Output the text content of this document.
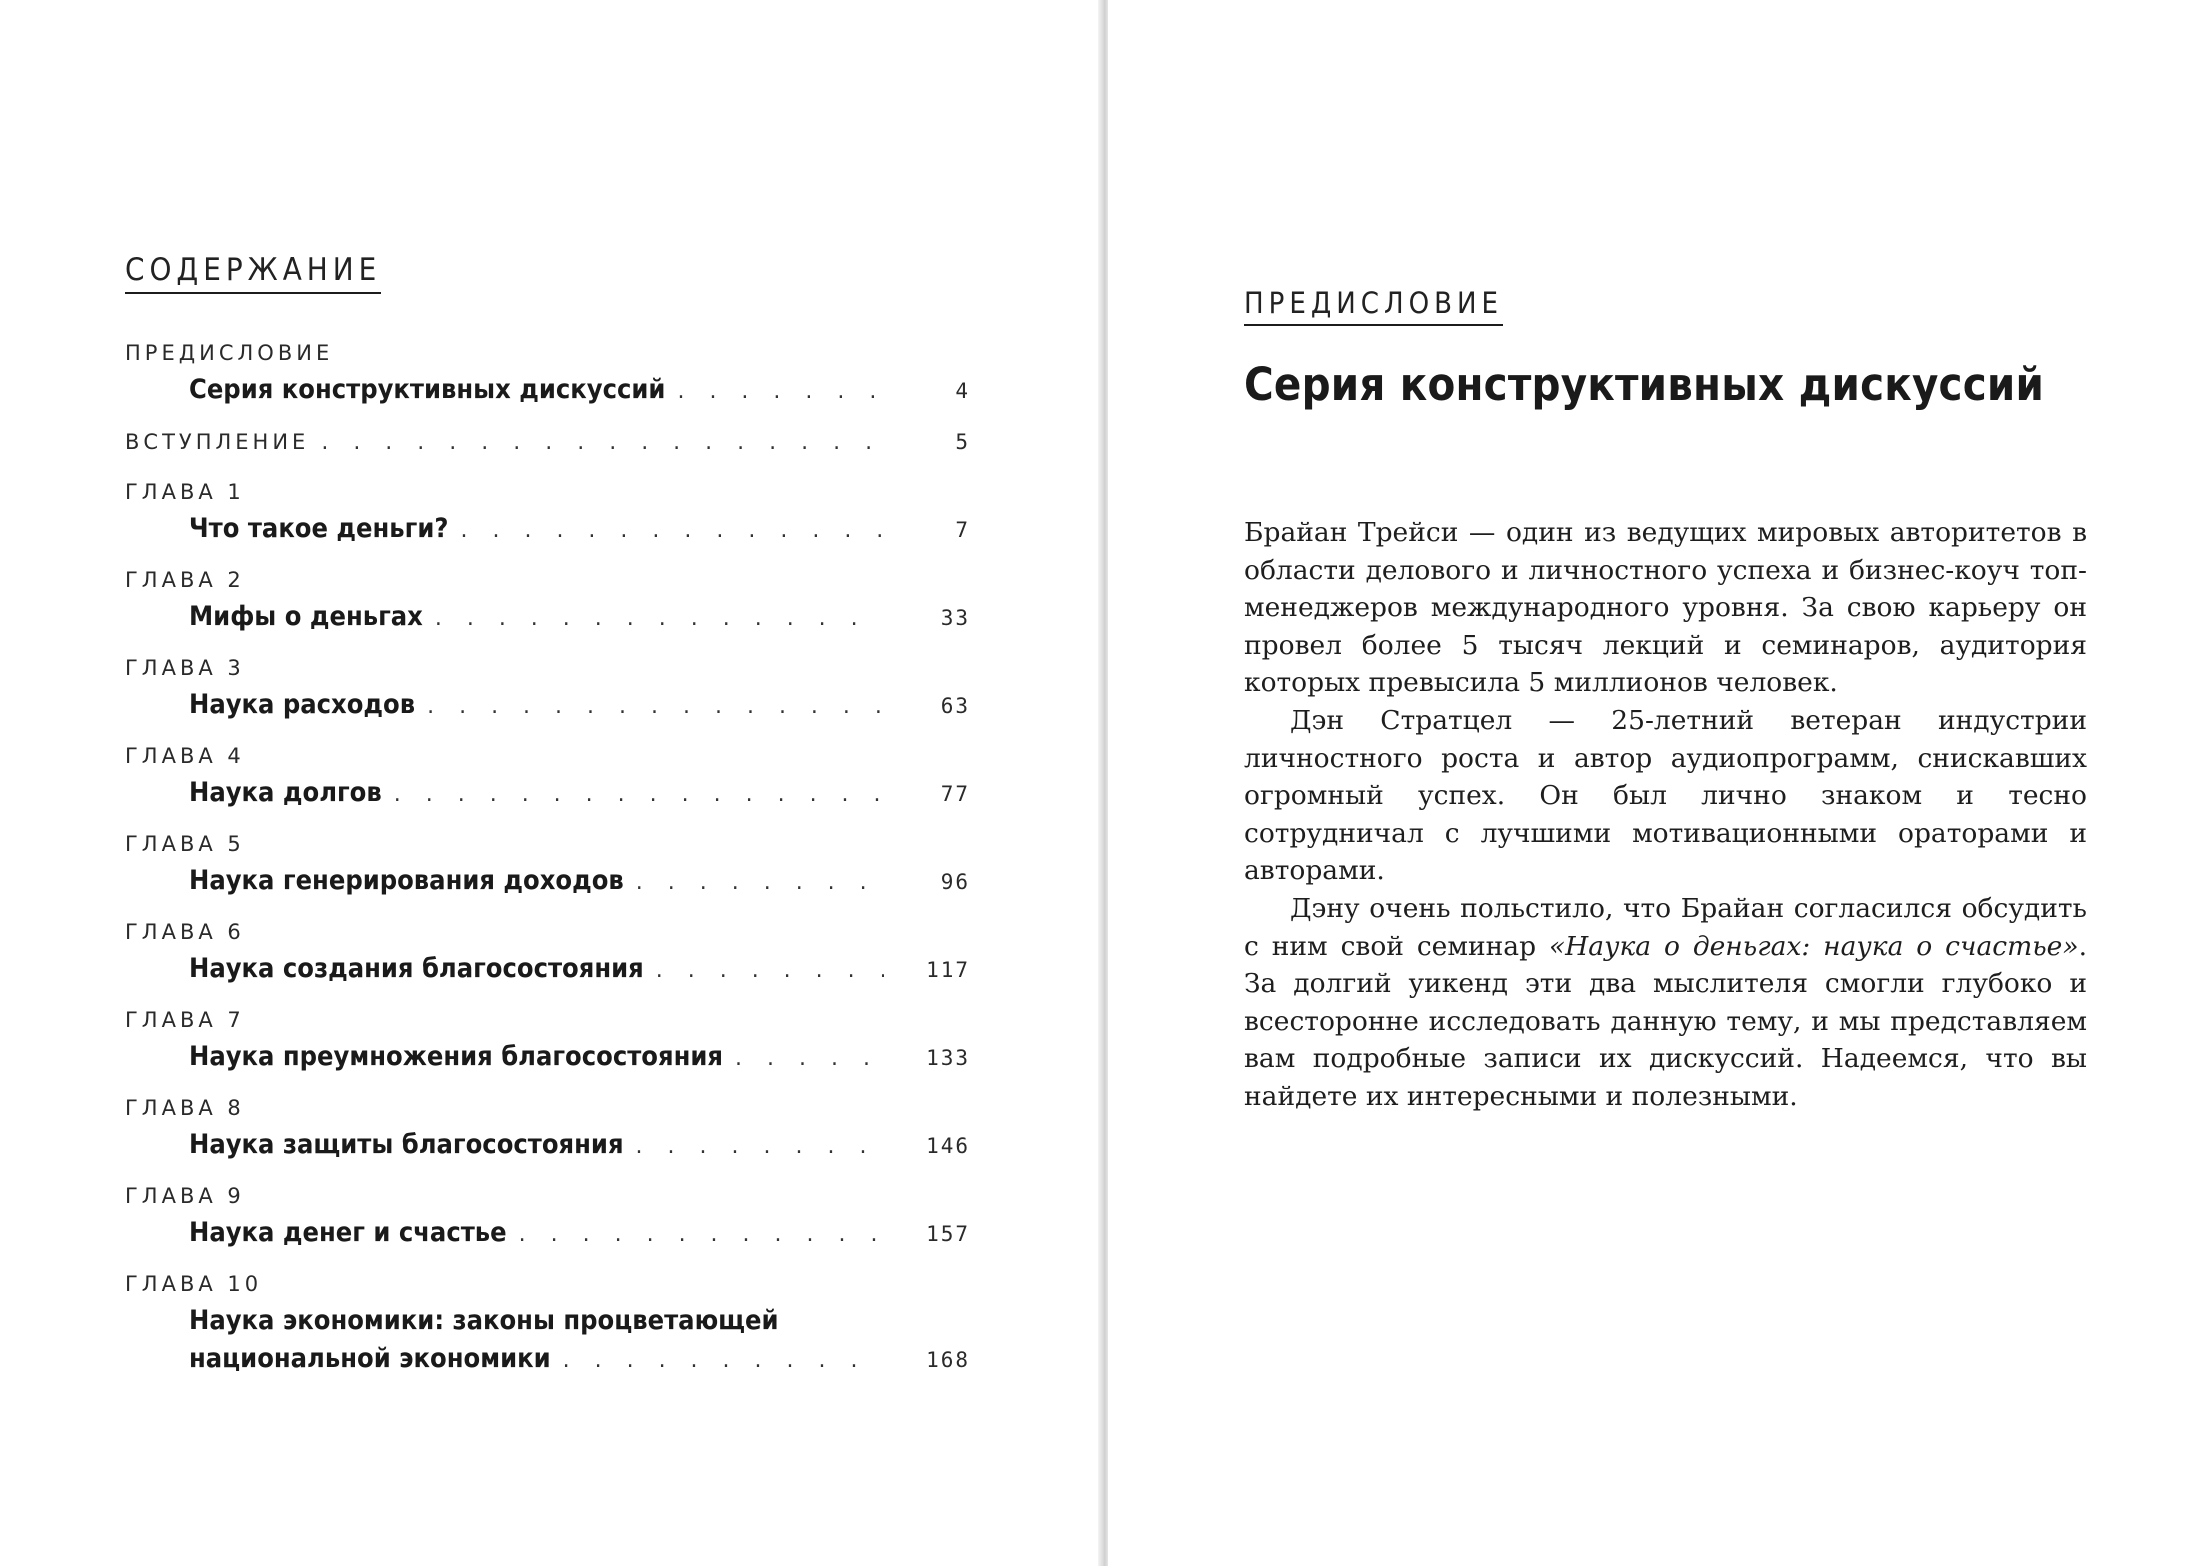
СОДЕРЖАНИЕ
ПРЕДИСЛОВИЕ
Серия конструктивных дискуссий . . .	4
ВСТУПЛЕНИЕ . . .	5
ГЛАВА 1
Что такое деньги? . . .	7
ГЛАВА 2
Мифы о деньгах . . .	33
ГЛАВА 3
Наука расходов . . .	63
ГЛАВА 4
Наука долгов . . .	77
ГЛАВА 5
Наука генерирования доходов . . .	96
ГЛАВА 6
Наука создания благосостояния . . .	117
ГЛАВА 7
Наука преумножения благосостояния . . .	133
ГЛАВА 8
Наука защиты благосостояния . . .	146
ГЛАВА 9
Наука денег и счастье . . .	157
ГЛАВА 10
Наука экономики: законы процветающей
национальной экономики . . .	168
ПРЕДИСЛОВИЕ
Серия конструктивных дискуссий

Брайан Трейси — один из ведущих мировых авторитетов в области делового и личностного успеха и бизнес-коуч топ-менеджеров международного уровня. За свою карьеру он провел более 5 тысяч лекций и семинаров, аудитория которых превысила 5 миллионов человек.

Дэн Стратцел — 25-летний ветеран индустрии личностного роста и автор аудиопрограмм, снискавших огромный успех. Он был лично знаком и тесно сотрудничал с лучшими мотивационными ораторами и авторами.

Дэну очень польстило, что Брайан согласился обсудить с ним свой семинар «Наука о деньгах: наука о счастье». За долгий уикенд эти два мыслителя смогли глубоко и всесторонне исследовать данную тему, и мы представляем вам подробные записи их дискуссий. Надеемся, что вы найдете их интересными и полезными.
